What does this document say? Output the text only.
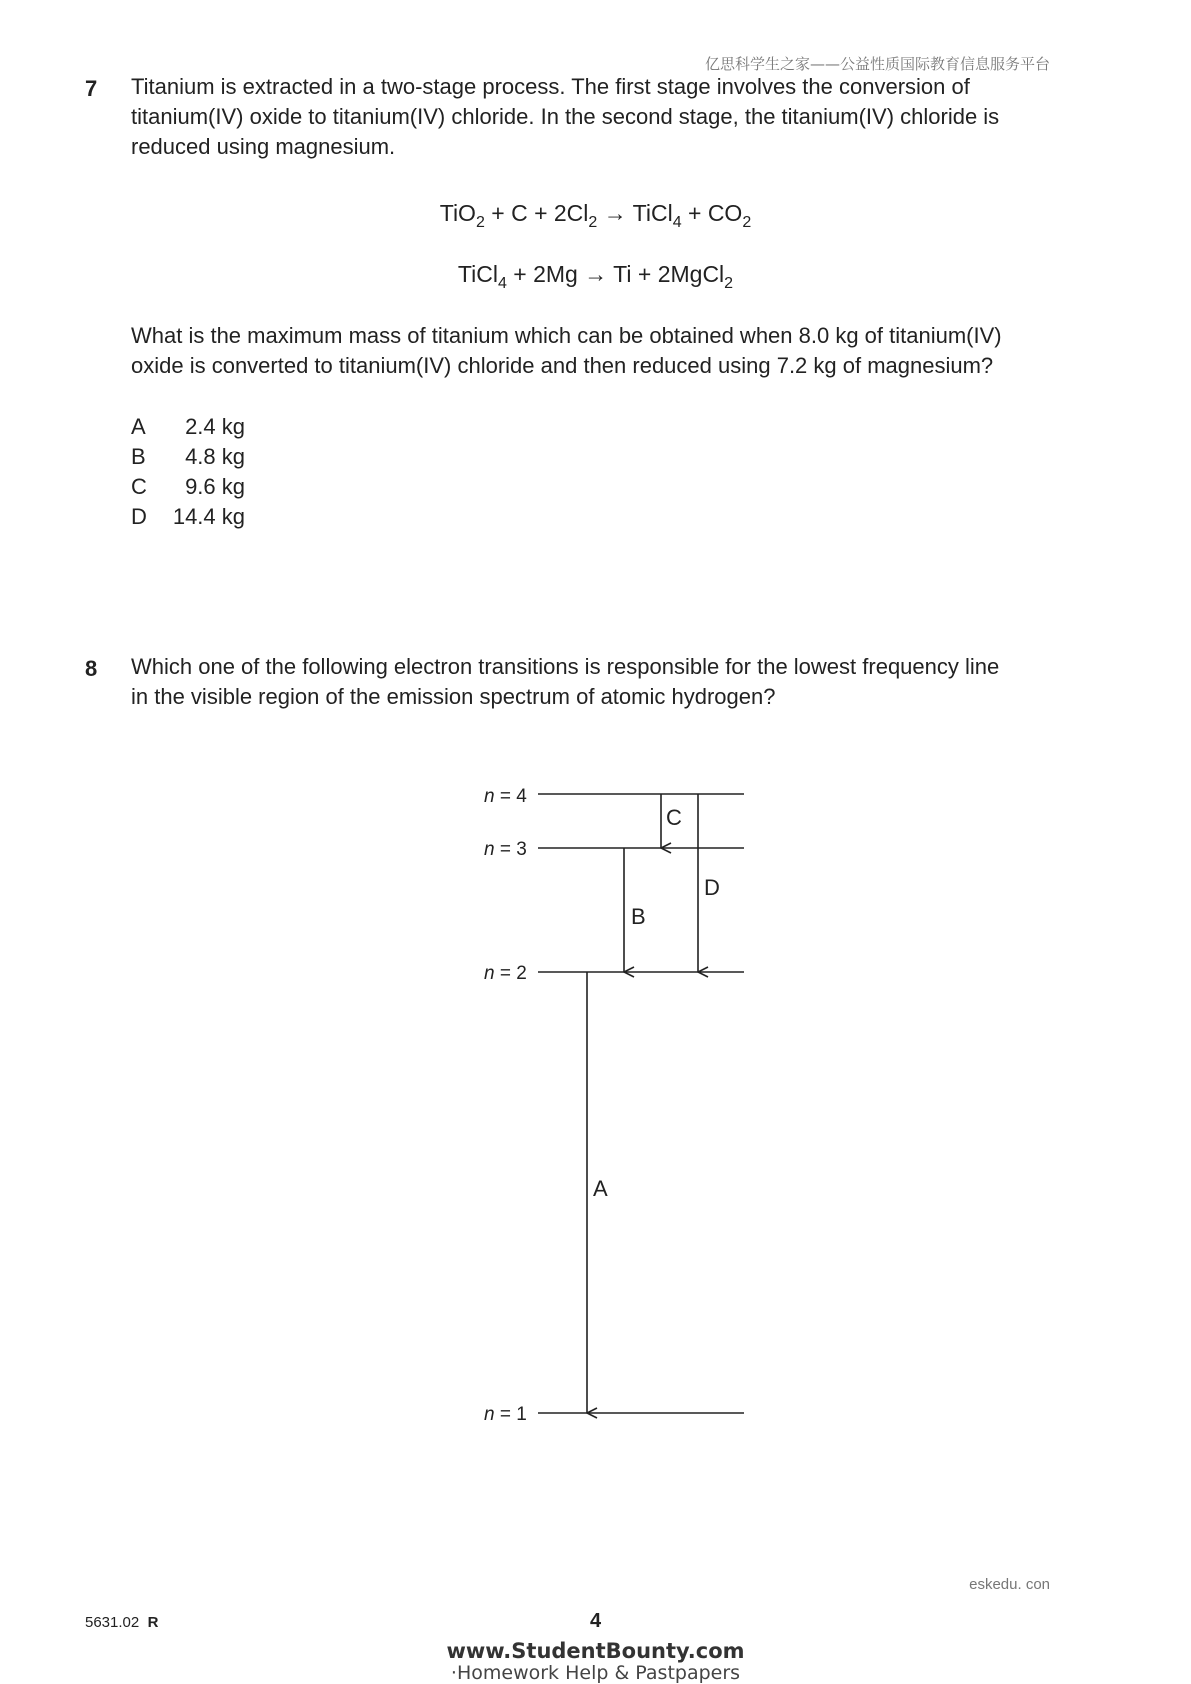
亿思科学生之家——公益性质国际教育信息服务平台
7 Titanium is extracted in a two-stage process. The first stage involves the conversion of
titanium(IV) oxide to titanium(IV) chloride. In the second stage, the titanium(IV) chloride is
reduced using magnesium.
$TiO_2 + C + 2Cl_2$ → TiCl$_4$ + $CO_2$
TiCl$_4$ + 2Mg → Ti + 2MgCl$_2$
What is the maximum mass of titanium which can be obtained when 8.0 kg of titanium(IV)
oxide is converted to titanium(IV) chloride and then reduced using 7.2 kg of magnesium?
A 2.4 kg
B 4.8 kg
C 9.6 kg
D 14.4 kg
8 Which one of the following electron transitions is responsible for the lowest frequency line
in the visible region of the emission spectrum of atomic hydrogen?
n = 4
n = 3
n = 2
n = 1
C
D
B
A
eskedu. con
5631.02 R	4
www.StudentBounty.com
·Homework Help & Pastpapers
